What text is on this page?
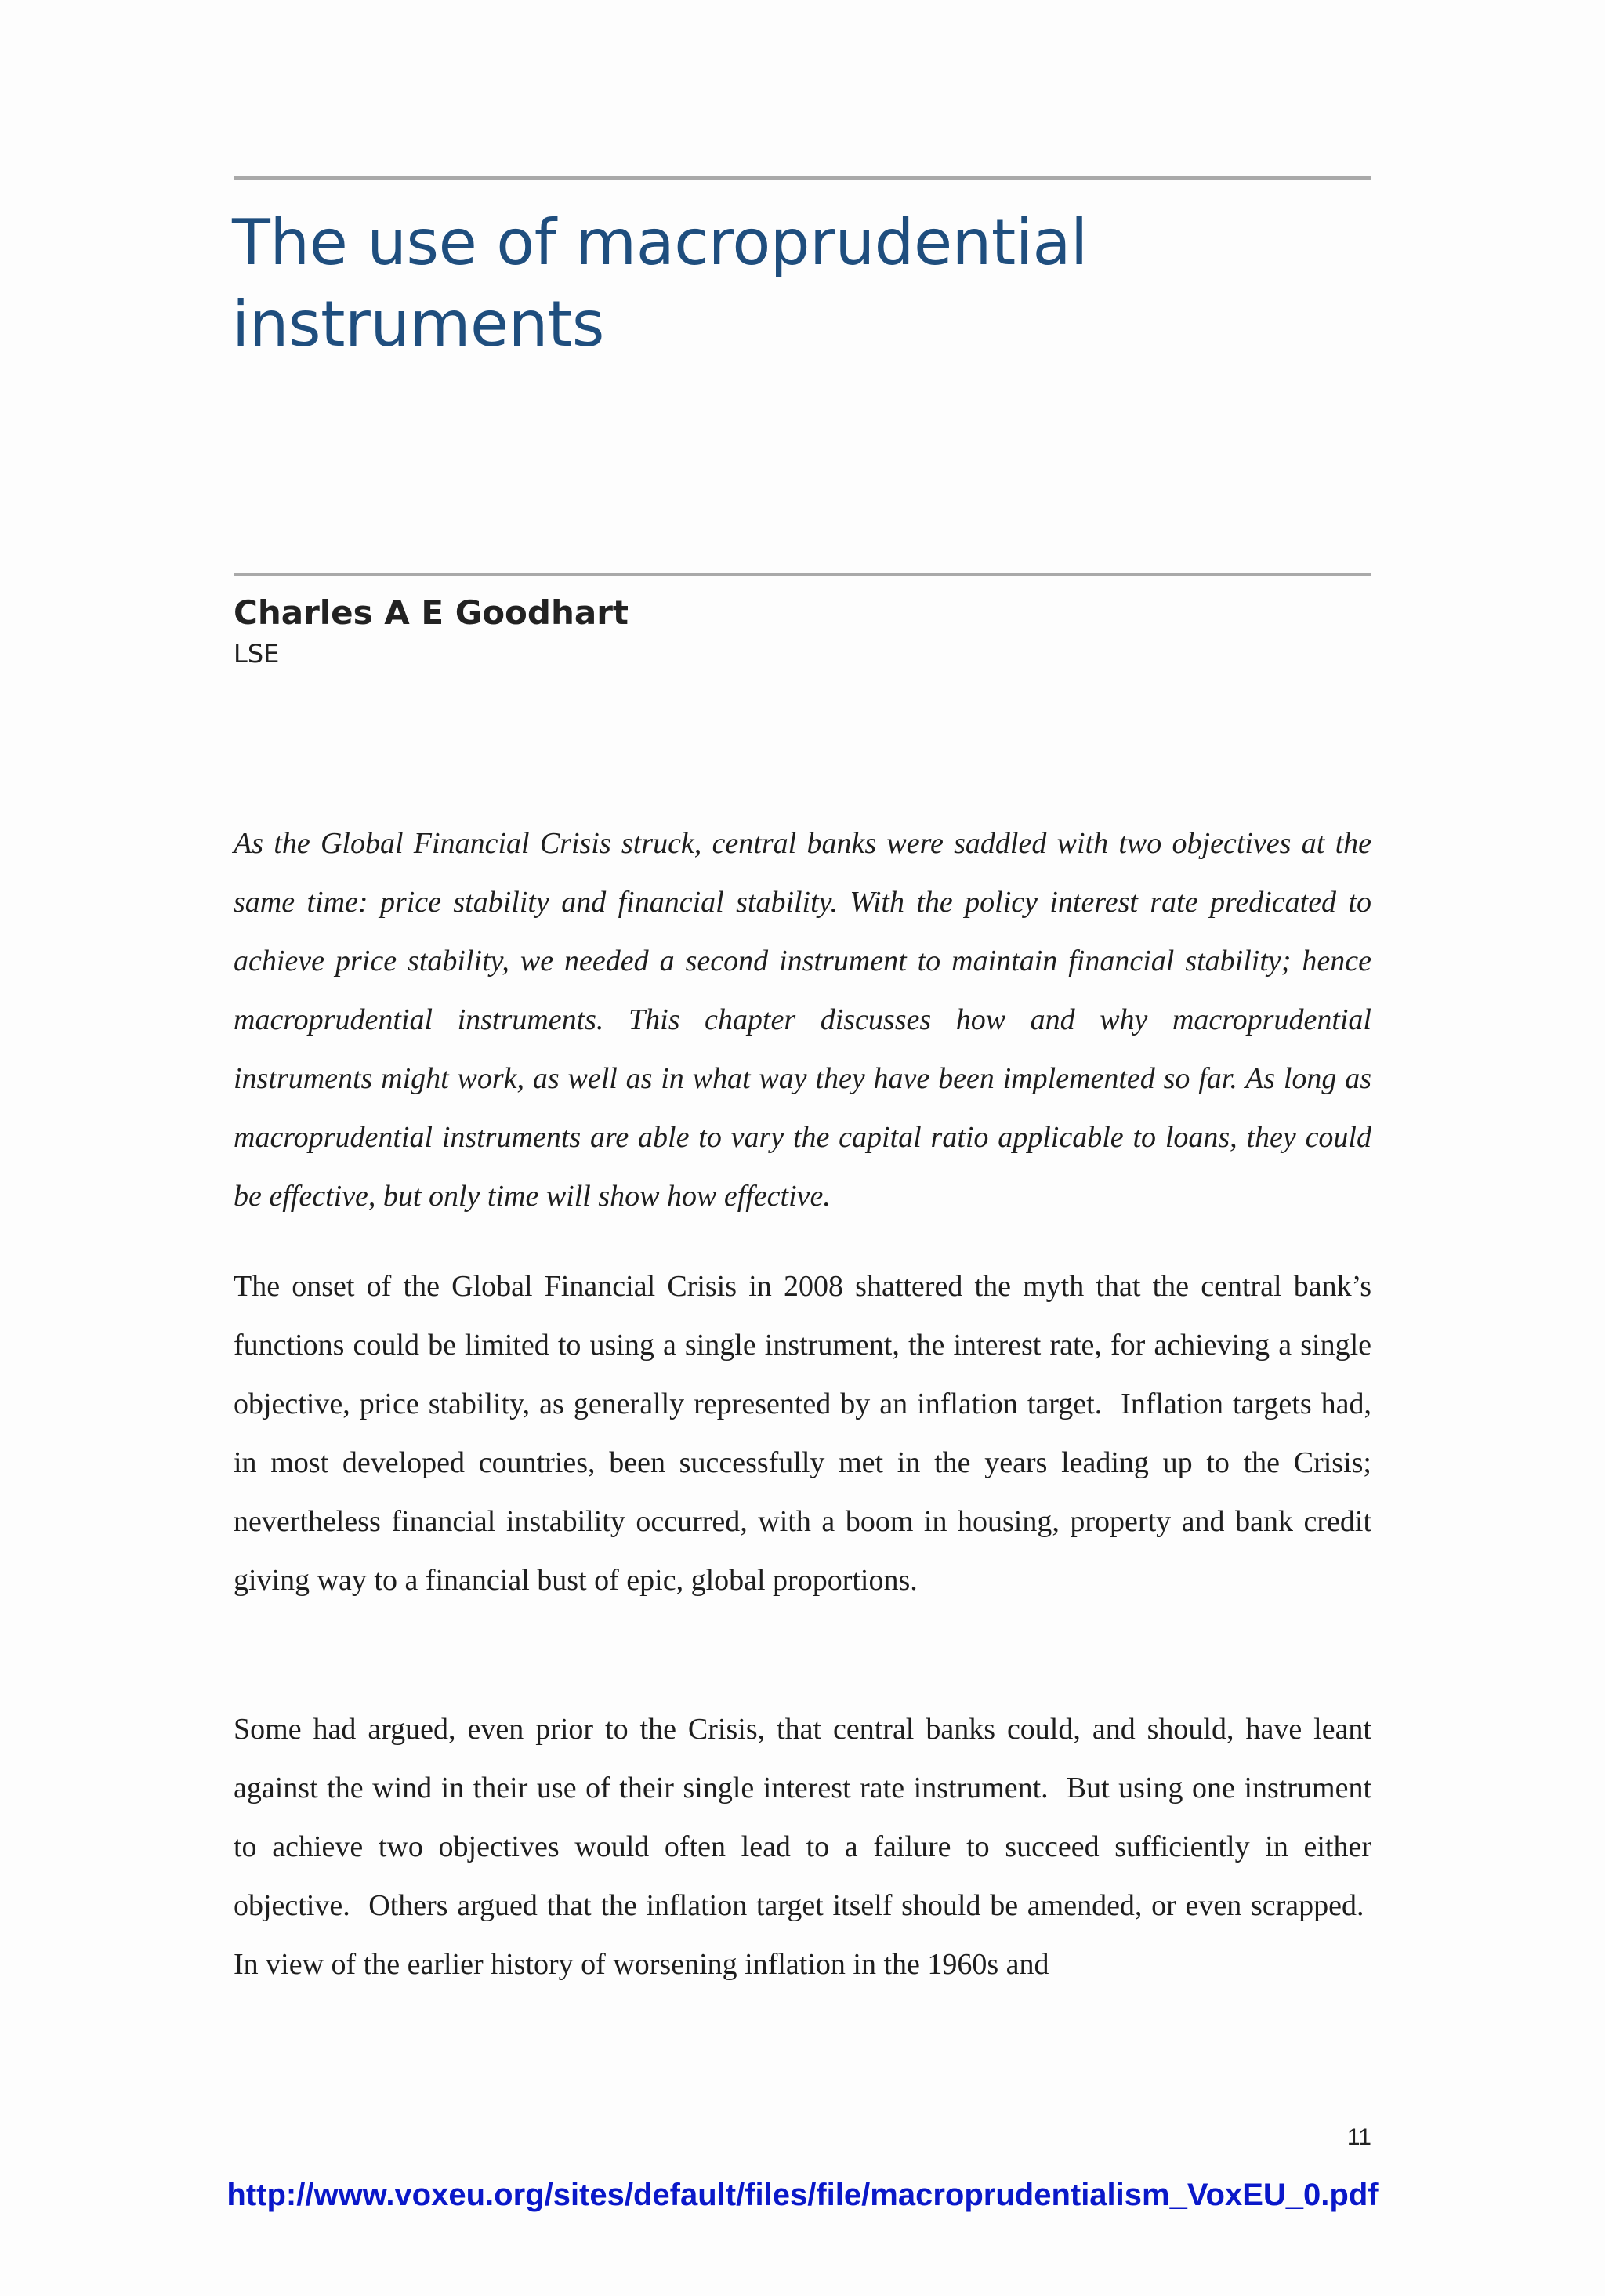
The use of macroprudential instruments

Charles A E Goodhart

LSE

As the Global Financial Crisis struck, central banks were saddled with two objectives at the same time: price stability and financial stability. With the policy interest rate predicated to achieve price stability, we needed a second instrument to maintain financial stability; hence macroprudential instruments. This chapter discusses how and why macroprudential instruments might work, as well as in what way they have been implemented so far. As long as macroprudential instruments are able to vary the capital ratio applicable to loans, they could be effective, but only time will show how effective.

The onset of the Global Financial Crisis in 2008 shattered the myth that the central bank’s functions could be limited to using a single instrument, the interest rate, for achieving a single objective, price stability, as generally represented by an inflation target.  Inflation targets had, in most developed countries, been successfully met in the years leading up to the Crisis; nevertheless financial instability occurred, with a boom in housing, property and bank credit giving way to a financial bust of epic, global proportions.

Some had argued, even prior to the Crisis, that central banks could, and should, have leant against the wind in their use of their single interest rate instrument.  But using one instrument to achieve two objectives would often lead to a failure to succeed sufficiently in either objective.  Others argued that the inflation target itself should be amended, or even scrapped.  In view of the earlier history of worsening inflation in the 1960s and

11

http://www.voxeu.org/sites/default/files/file/macroprudentialism_VoxEU_0.pdf
